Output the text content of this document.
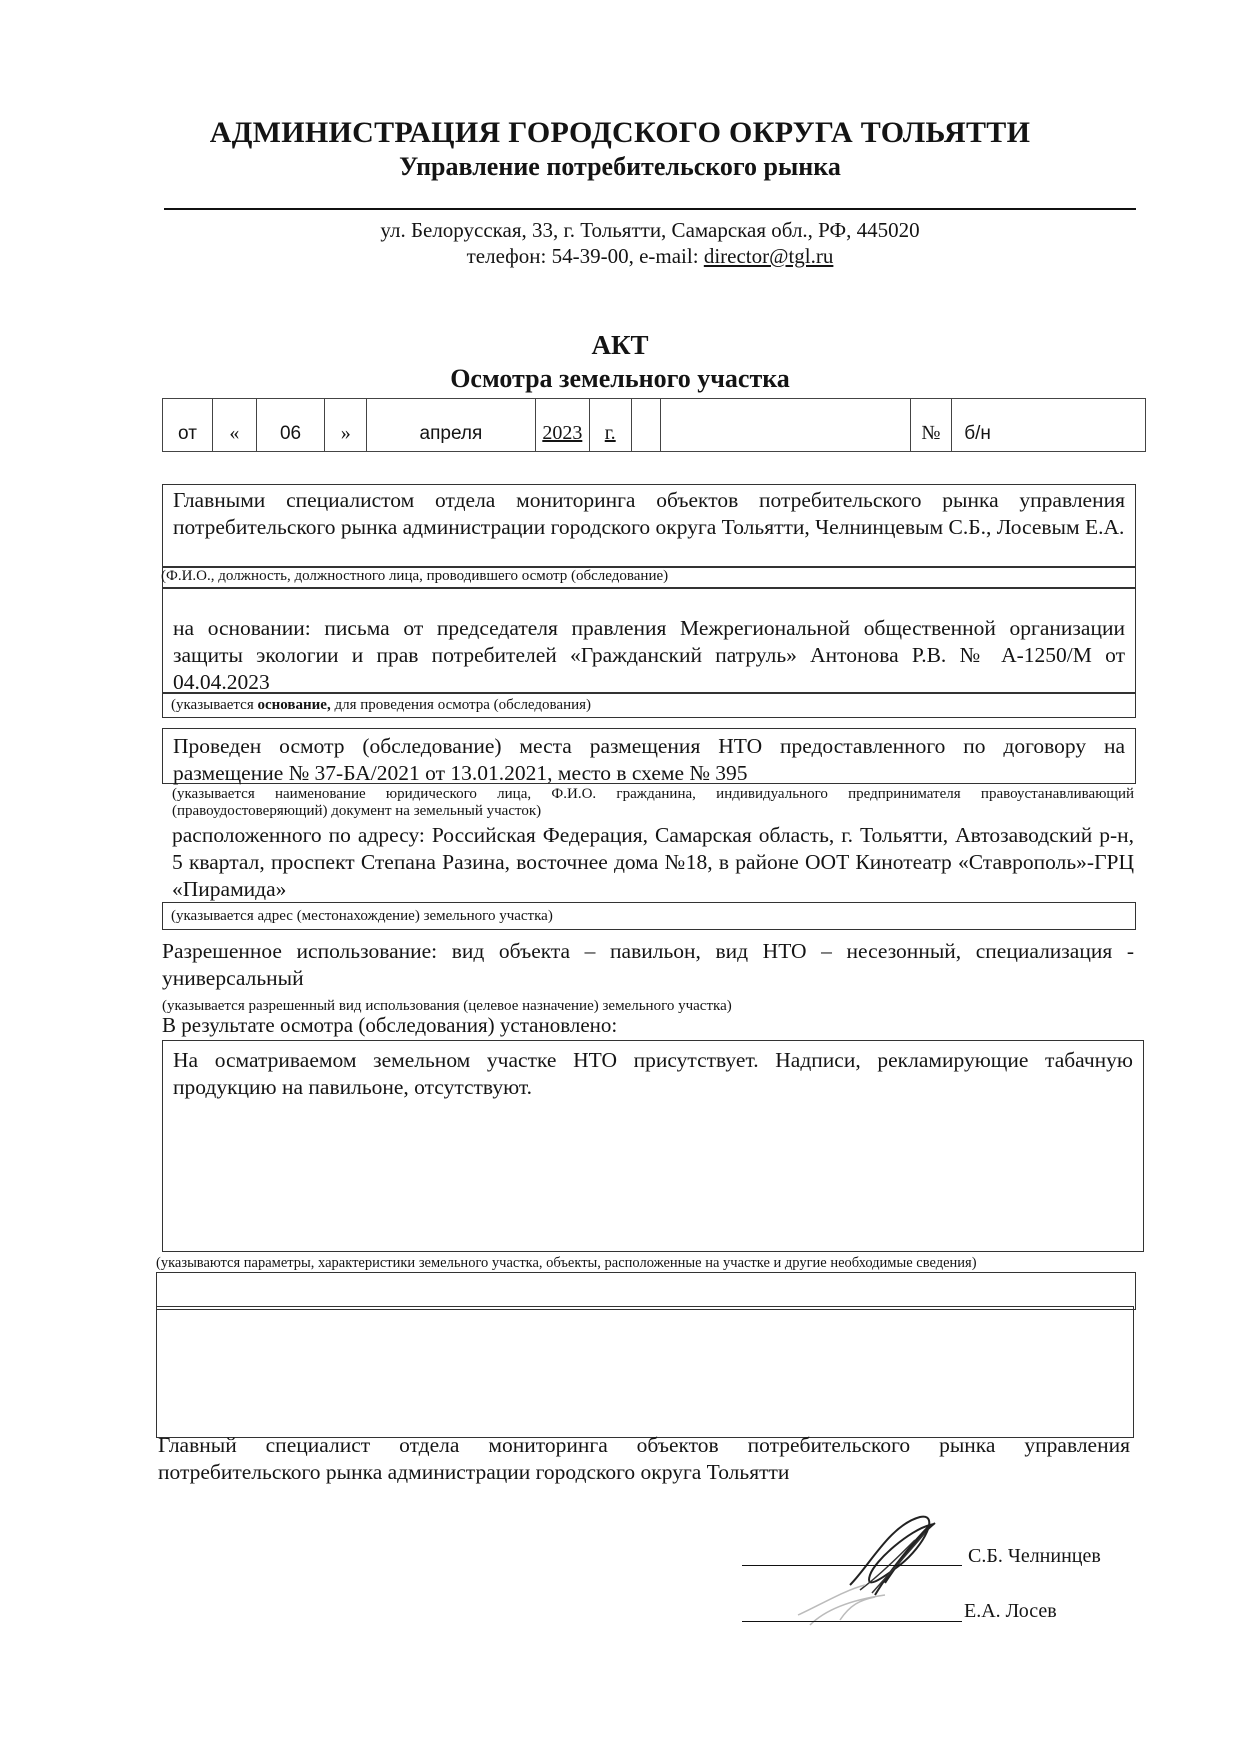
АДМИНИСТРАЦИЯ ГОРОДСКОГО ОКРУГА ТОЛЬЯТТИ
Управление потребительского рынка
ул. Белорусская, 33, г. Тольятти, Самарская обл., РФ, 445020
телефон: 54-39-00, e-mail: director@tgl.ru
АКТ
Осмотра земельного участка
от	«	06	»	апреля	2023	г.			№	б/н
Главными специалистом отдела мониторинга объектов потребительского рынка управления потребительского рынка администрации городского округа Тольятти, Челнинцевым С.Б., Лосевым Е.А.
(Ф.И.О., должность, должностного лица, проводившего осмотр (обследование)
на основании: письма от председателя правления Межрегиональной общественной организации защиты экологии и прав потребителей «Гражданский патруль» Антонова Р.В. № А-1250/М от 04.04.2023
(указывается основание, для проведения осмотра (обследования)
Проведен осмотр (обследование) места размещения НТО предоставленного по договору на размещение № 37-БА/2021 от 13.01.2021, место в схеме № 395
(указывается наименование юридического лица, Ф.И.О. гражданина, индивидуального предпринимателя правоустанавливающий (правоудостоверяющий) документ на земельный участок)
расположенного по адресу: Российская Федерация, Самарская область, г. Тольятти, Автозаводский р-н, 5 квартал, проспект Степана Разина, восточнее дома №18, в районе ООТ Кинотеатр «Ставрополь»-ГРЦ «Пирамида»
(указывается адрес (местонахождение) земельного участка)
Разрешенное использование: вид объекта – павильон, вид НТО – несезонный, специализация - универсальный
(указывается разрешенный вид использования (целевое назначение) земельного участка)
В результате осмотра (обследования) установлено:
На осматриваемом земельном участке НТО присутствует. Надписи, рекламирующие табачную продукцию на павильоне, отсутствуют.
(указываются параметры, характеристики земельного участка, объекты, расположенные на участке и другие необходимые сведения)
Главный специалист отдела мониторинга объектов потребительского рынка управления потребительского рынка администрации городского округа Тольятти
С.Б. Челнинцев
Е.А. Лосев
